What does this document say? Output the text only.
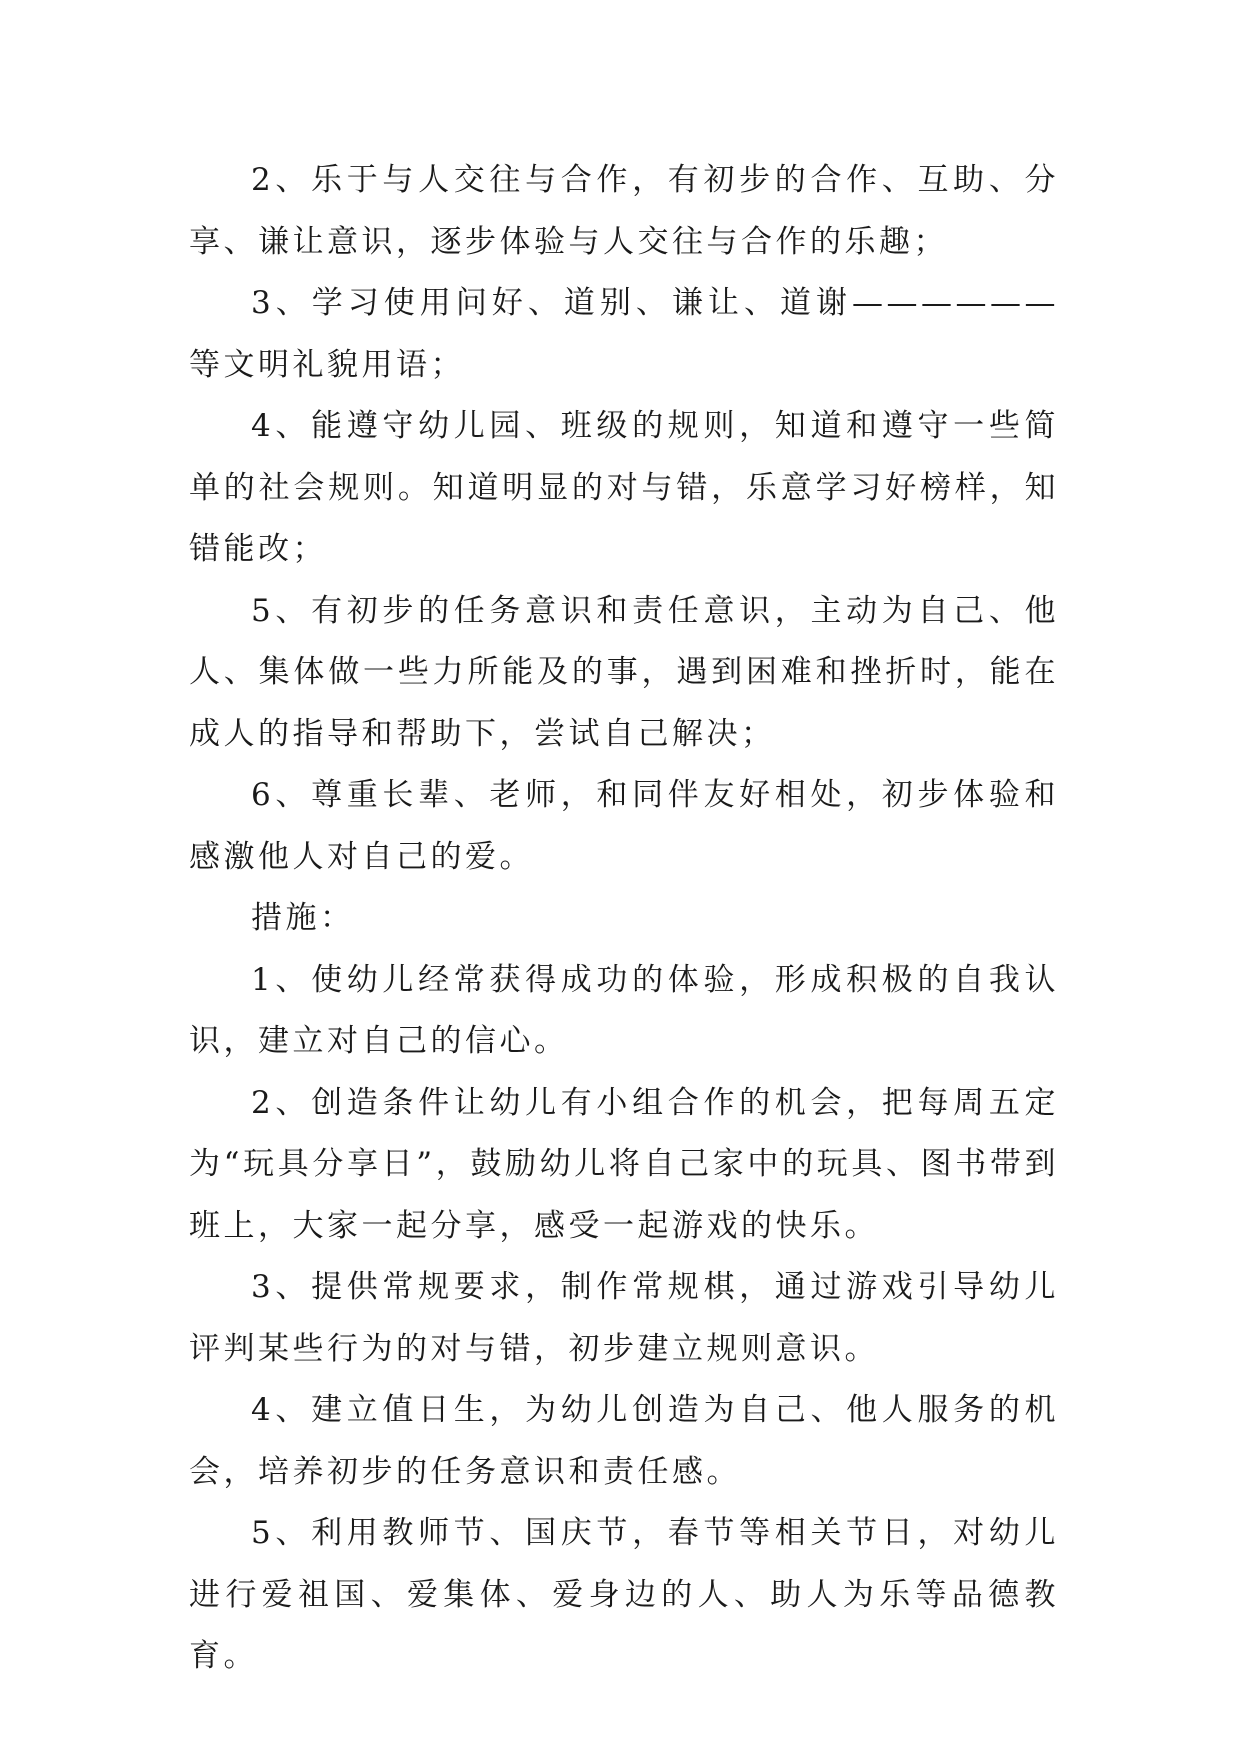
2、乐于与人交往与合作，有初步的合作、互助、分享、谦让意识，逐步体验与人交往与合作的乐趣；

3、学习使用问好、道别、谦让、道谢——————等文明礼貌用语；

4、能遵守幼儿园、班级的规则，知道和遵守一些简单的社会规则。知道明显的对与错，乐意学习好榜样，知错能改；

5、有初步的任务意识和责任意识，主动为自己、他人、集体做一些力所能及的事，遇到困难和挫折时，能在成人的指导和帮助下，尝试自己解决；

6、尊重长辈、老师，和同伴友好相处，初步体验和感激他人对自己的爱。

措施：

1、使幼儿经常获得成功的体验，形成积极的自我认识，建立对自己的信心。

2、创造条件让幼儿有小组合作的机会，把每周五定为“玩具分享日”，鼓励幼儿将自己家中的玩具、图书带到班上，大家一起分享，感受一起游戏的快乐。

3、提供常规要求，制作常规棋，通过游戏引导幼儿评判某些行为的对与错，初步建立规则意识。

4、建立值日生，为幼儿创造为自己、他人服务的机会，培养初步的任务意识和责任感。

5、利用教师节、国庆节，春节等相关节日，对幼儿进行爱祖国、爱集体、爱身边的人、助人为乐等品德教育。
